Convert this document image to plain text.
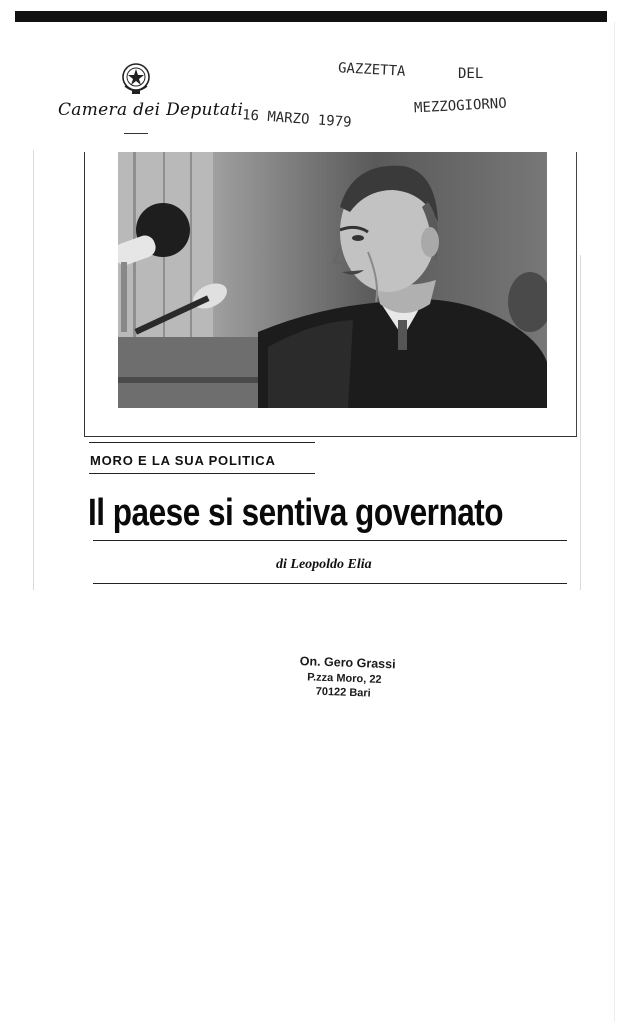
Camera dei Deputati
16 MARZO 1979
GAZZETTA	DEL
MEZZOGIORNO
MORO E LA SUA POLITICA
Il paese si sentiva governato
di Leopoldo Elia
On. Gero Grassi
P.zza Moro, 22
70122 Bari
